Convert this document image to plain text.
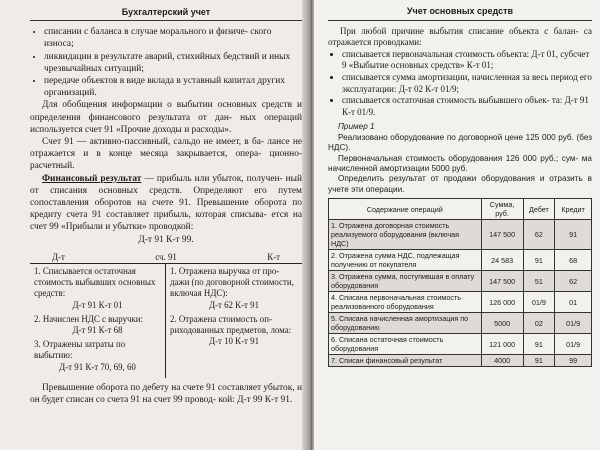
Бухгалтерский учет
• списании с баланса в случае морального и физиче- ского износа;
• ликвидации в результате аварий, стихийных бедствий и иных чрезвычайных ситуаций;
• передаче объектов в виде вклада в уставный капитал других организаций.

Для обобщения информации о выбытии основных средств и определения финансового результата от дан- ных операций используется счет 91 «Прочие доходы и расходы».

Счет 91 — активно-пассивный, сальдо не имеет, в ба- лансе не отражается и в конце месяца закрывается, опера- ционно-расчетный.

Финансовый результат — прибыль или убыток, получен- ный от списания основных средств. Определяют его путем сопоставления оборотов на счете 91. Превышение оборота по кредиту счета 91 составляет прибыль, которая списыва- ется на счет 99 «Прибыли и убытки» проводкой:

Д-т 91 К-т 99.

Д-т	сч. 91	К-т
1. Списывается остаточная стоимость выбывших основных средств:
Д-т 91 К-т 01
2. Начислен НДС с выручки:
Д-т 91 К-т 68
3. Отражены затраты по выбытию:
Д-т 91 К-т 70, 69, 60
1. Отражена выручка от про- дажи (по договорной стоимости, включая НДС):
Д-т 62 К-т 91
2. Отражена стоимость оп- риходованных предметов, лома:
Д-т 10 К-т 91

Превышение оборота по дебету на счете 91 составляет убыток, и он будет списан со счета 91 на счет 99 провод- кой: Д-т 99 К-т 91.

Учет основных средств

При любой причине выбытия списание объекта с балан- са отражается проводками:

• списывается первоначальная стоимость объекта: Д-т 01, субсчет 9 «Выбытие основных средств» К-т 01;
• списывается сумма амортизации, начисленная за весь период его эксплуатации: Д-т 02 К-т 01/9;
• списывается остаточная стоимость выбывшего объек- та: Д-т 91 К-т 01/9.

Пример 1

Реализовано оборудование по договорной цене 125 000 руб. (без НДС).

Первоначальная стоимость оборудования 126 000 руб.; сум- ма начисленной амортизации 5000 руб.

Определить результат от продажи оборудования и отразить в учете эти операции.

Содержание операций	Сумма, руб.	Дебет	Кредит
1. Отражена договорная стоимость реализуемого оборудования (включая НДС)	147 500	62	91
2. Отражена сумма НДС, подлежащая получению от покупателя	24 583	91	68
3. Отражена сумма, поступившая в оплату оборудования	147 500	51	62
4. Списана первоначальная стоимость реализованного оборудования	126 000	01/9	01
5. Списана начисленная амортизация по оборудованию	5000	02	01/9
6. Списана остаточная стоимость оборудования	121 000	91	01/9
7. Списан финансовый результат	4000	91	99
